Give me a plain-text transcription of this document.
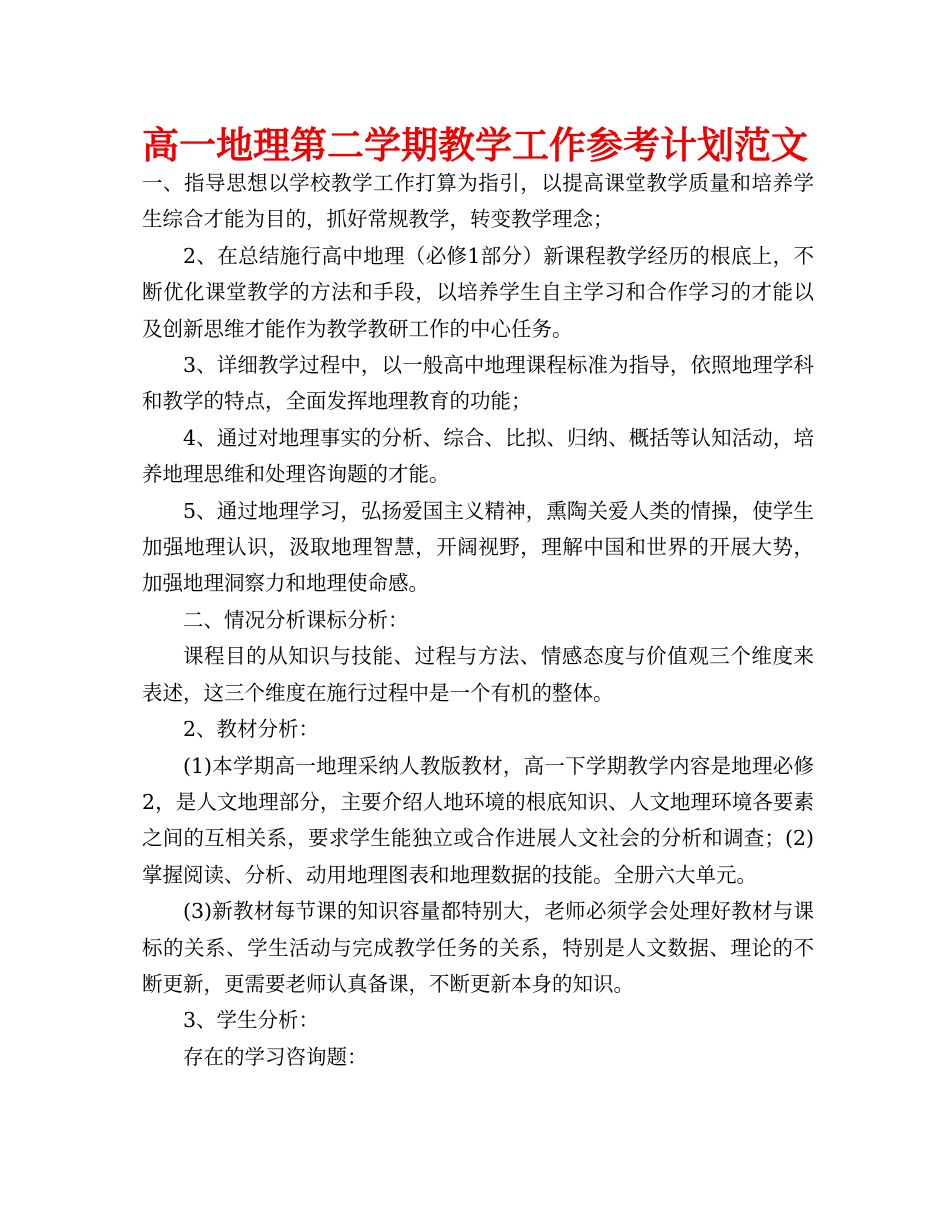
高一地理第二学期教学工作参考计划范文

一、指导思想以学校教学工作打算为指引，以提高课堂教学质量和培养学生综合才能为目的，抓好常规教学，转变教学理念；

2、在总结施行高中地理（必修1部分）新课程教学经历的根底上，不断优化课堂教学的方法和手段，以培养学生自主学习和合作学习的才能以及创新思维才能作为教学教研工作的中心任务。

3、详细教学过程中，以一般高中地理课程标准为指导，依照地理学科和教学的特点，全面发挥地理教育的功能；

4、通过对地理事实的分析、综合、比拟、归纳、概括等认知活动，培养地理思维和处理咨询题的才能。

5、通过地理学习，弘扬爱国主义精神，熏陶关爱人类的情操，使学生加强地理认识，汲取地理智慧，开阔视野，理解中国和世界的开展大势，加强地理洞察力和地理使命感。

二、情况分析课标分析：

课程目的从知识与技能、过程与方法、情感态度与价值观三个维度来表述，这三个维度在施行过程中是一个有机的整体。

2、教材分析：

(1)本学期高一地理采纳人教版教材，高一下学期教学内容是地理必修2，是人文地理部分，主要介绍人地环境的根底知识、人文地理环境各要素之间的互相关系，要求学生能独立或合作进展人文社会的分析和调查；(2)掌握阅读、分析、动用地理图表和地理数据的技能。全册六大单元。

(3)新教材每节课的知识容量都特别大，老师必须学会处理好教材与课标的关系、学生活动与完成教学任务的关系，特别是人文数据、理论的不断更新，更需要老师认真备课，不断更新本身的知识。

3、学生分析：

存在的学习咨询题：
